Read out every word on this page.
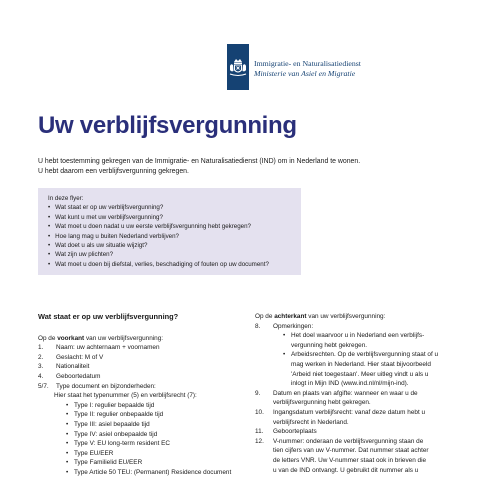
Immigratie- en Naturalisatiedienst
Ministerie van Asiel en Migratie
Uw verblijfsvergunning
U hebt toestemming gekregen van de Immigratie- en Naturalisatiedienst (IND) om in Nederland te wonen.
U hebt daarom een verblijfsvergunning gekregen.
In deze flyer:
• Wat staat er op uw verblijfsvergunning?
• Wat kunt u met uw verblijfsvergunning?
• Wat moet u doen nadat u uw eerste verblijfsvergunning hebt gekregen?
• Hoe lang mag u buiten Nederland verblijven?
• Wat doet u als uw situatie wijzigt?
• Wat zijn uw plichten?
• Wat moet u doen bij diefstal, verlies, beschadiging of fouten op uw document?
Wat staat er op uw verblijfsvergunning?
Op de voorkant van uw verblijfsvergunning:
1.	Naam: uw achternaam + voornamen
2.	Geslacht: M of V
3.	Nationaliteit
4.	Geboortedatum
5/7.	Type document en bijzonderheden:
Hier staat het typenummer (5) en verblijfsrecht (7):
• Type I: regulier bepaalde tijd
• Type II: regulier onbepaalde tijd
• Type III: asiel bepaalde tijd
• Type IV: asiel onbepaalde tijd
• Type V: EU long-term resident EC
• Type EU/EER
• Type Familielid EU/EER
• Type Article 50 TEU: (Permanent) Residence document
Op de achterkant van uw verblijfsvergunning:
8.	Opmerkingen:
• Het doel waarvoor u in Nederland een verblijfs-
vergunning hebt gekregen.
• Arbeidsrechten. Op de verblijfsvergunning staat of u
mag werken in Nederland. Hier staat bijvoorbeeld
'Arbeid niet toegestaan'. Meer uitleg vindt u als u
inlogt in Mijn IND (www.ind.nl/nl/mijn-ind).
9.	Datum en plaats van afgifte: wanneer en waar u de
verblijfsvergunning hebt gekregen.
10.	Ingangsdatum verblijfsrecht: vanaf deze datum hebt u
verblijfsrecht in Nederland.
11.	Geboorteplaats
12.	V-nummer: onderaan de verblijfsvergunning staan de
tien cijfers van uw V-nummer. Dat nummer staat achter
de letters VNR. Uw V-nummer staat ook in brieven die
u van de IND ontvangt. U gebruikt dit nummer als u
